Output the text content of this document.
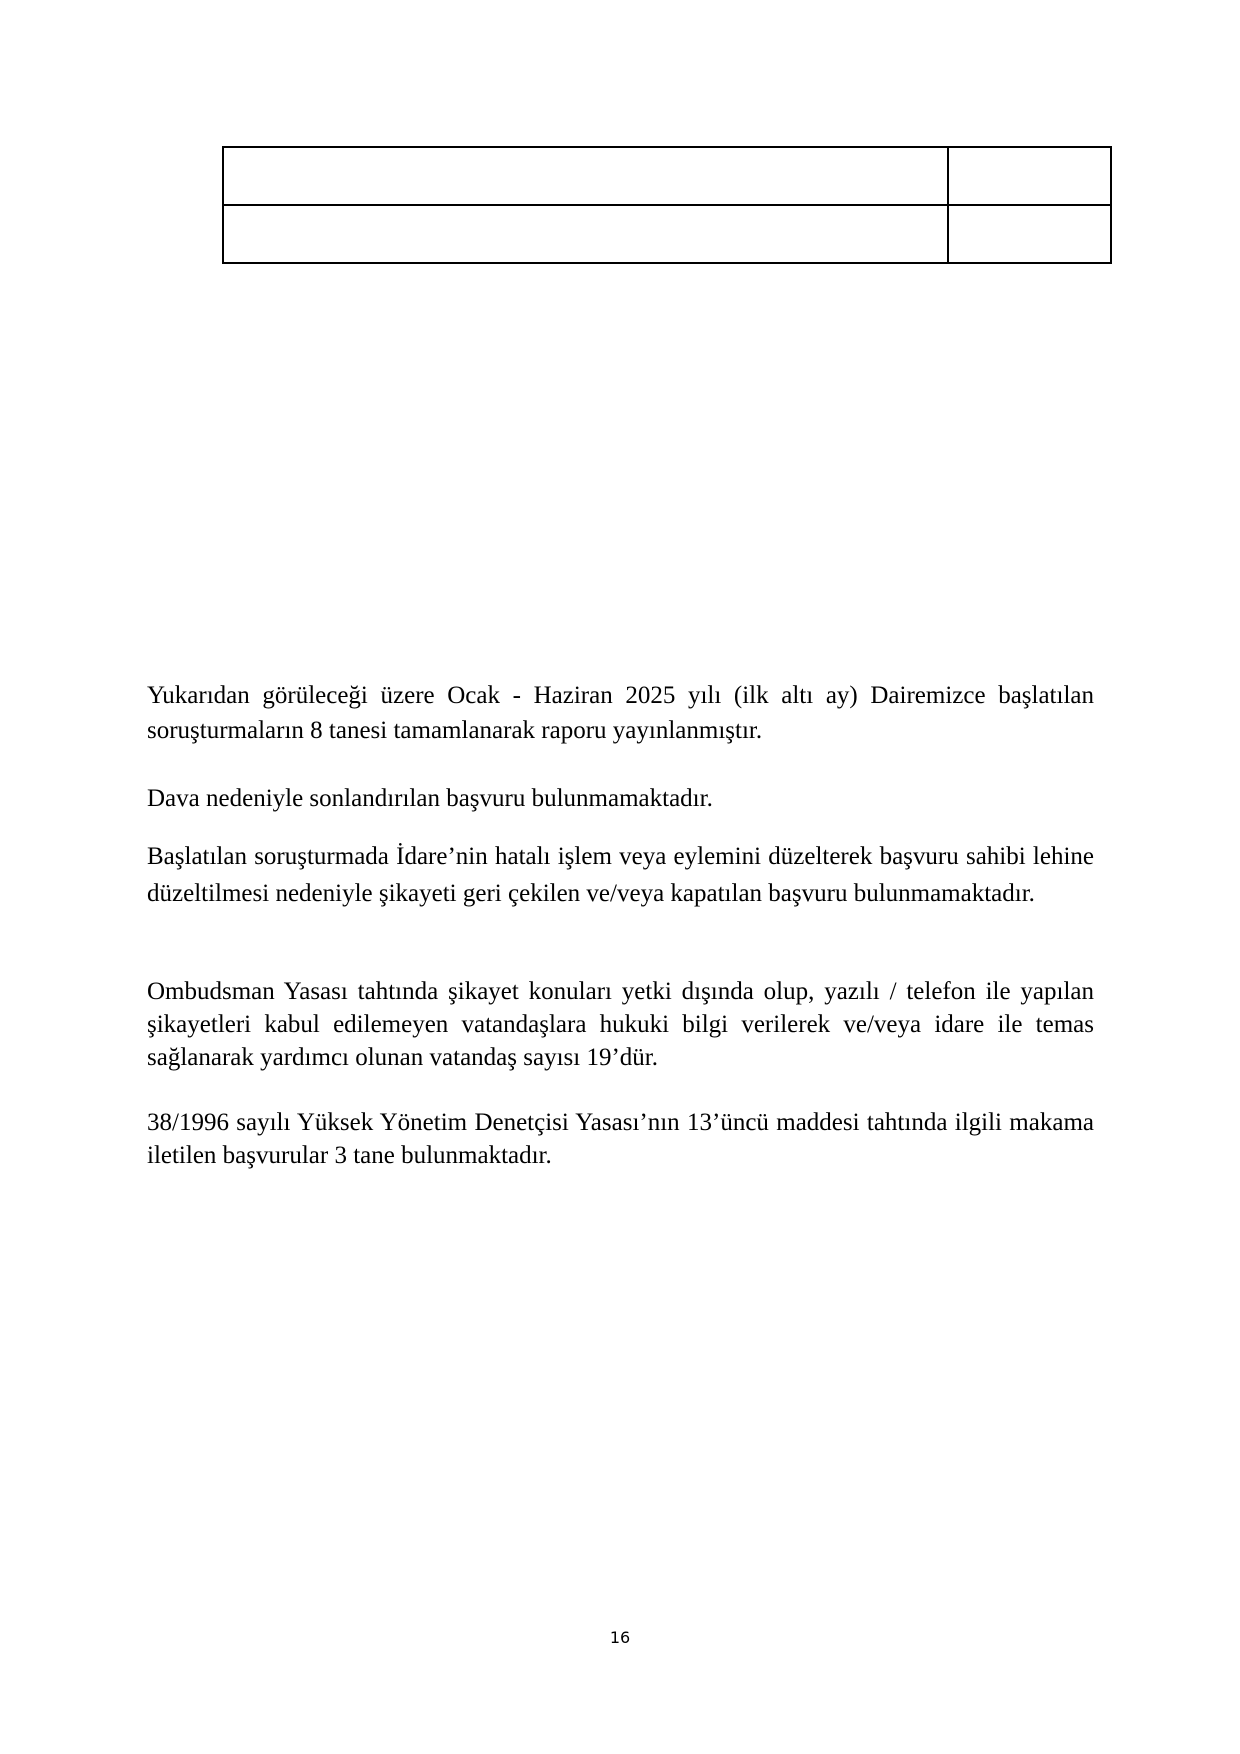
Yukarıdan görüleceği üzere Ocak - Haziran 2025 yılı (ilk altı ay) Dairemizce başlatılan soruşturmaların 8 tanesi tamamlanarak raporu yayınlanmıştır.

Dava nedeniyle sonlandırılan başvuru bulunmamaktadır.

Başlatılan soruşturmada İdare’nin hatalı işlem veya eylemini düzelterek başvuru sahibi lehine düzeltilmesi nedeniyle şikayeti geri çekilen ve/veya kapatılan başvuru bulunmamaktadır.

Ombudsman Yasası tahtında şikayet konuları yetki dışında olup, yazılı / telefon ile yapılan şikayetleri kabul edilemeyen vatandaşlara hukuki bilgi verilerek ve/veya idare ile temas sağlanarak yardımcı olunan vatandaş sayısı 19’dür.

38/1996 sayılı Yüksek Yönetim Denetçisi Yasası’nın 13’üncü maddesi tahtında ilgili makama iletilen başvurular 3 tane bulunmaktadır.

16
